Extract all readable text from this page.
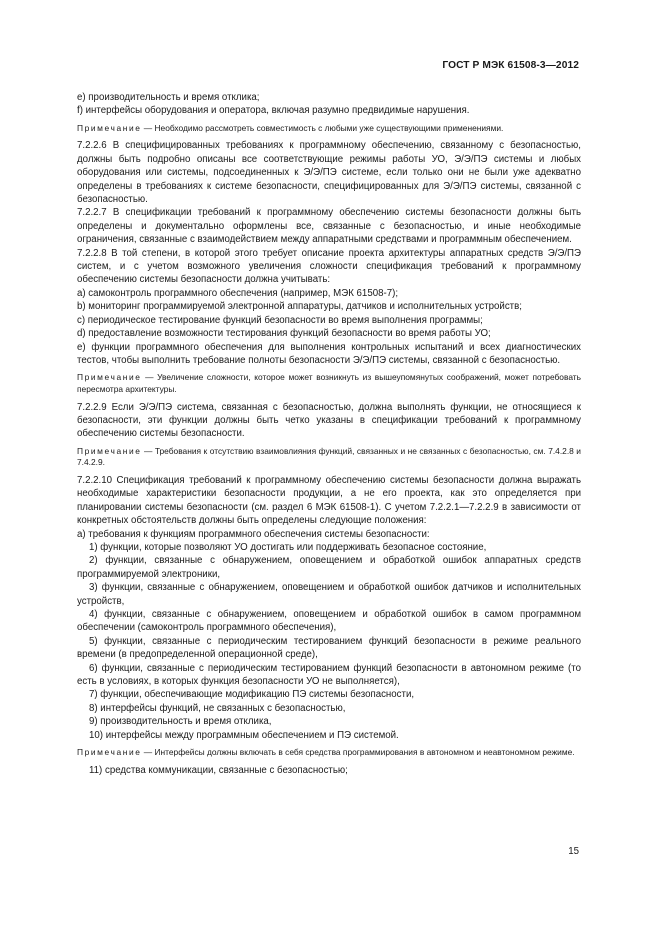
ГОСТ Р МЭК 61508-3—2012

e) производительность и время отклика;

f) интерфейсы оборудования и оператора, включая разумно предвидимые нарушения.

Примечание — Необходимо рассмотреть совместимость с любыми уже существующими применениями.

7.2.2.6 В специфицированных требованиях к программному обеспечению, связанному с безопасностью, должны быть подробно описаны все соответствующие режимы работы УО, Э/Э/ПЭ системы и любых оборудования или системы, подсоединенных к Э/Э/ПЭ системе, если только они не были уже адекватно определены в требованиях к системе безопасности, специфицированных для Э/Э/ПЭ системы, связанной с безопасностью.

7.2.2.7 В спецификации требований к программному обеспечению системы безопасности должны быть определены и документально оформлены все, связанные с безопасностью, и иные необходимые ограничения, связанные с взаимодействием между аппаратными средствами и программным обеспечением.

7.2.2.8 В той степени, в которой этого требует описание проекта архитектуры аппаратных средств Э/Э/ПЭ систем, и с учетом возможного увеличения сложности спецификация требований к программному обеспечению системы безопасности должна учитывать:

a) самоконтроль программного обеспечения (например, МЭК 61508-7);

b) мониторинг программируемой электронной аппаратуры, датчиков и исполнительных устройств;

c) периодическое тестирование функций безопасности во время выполнения программы;

d) предоставление возможности тестирования функций безопасности во время работы УО;

e) функции программного обеспечения для выполнения контрольных испытаний и всех диагностических тестов, чтобы выполнить требование полноты безопасности Э/Э/ПЭ системы, связанной с безопасностью.

Примечание — Увеличение сложности, которое может возникнуть из вышеупомянутых соображений, может потребовать пересмотра архитектуры.

7.2.2.9 Если Э/Э/ПЭ система, связанная с безопасностью, должна выполнять функции, не относящиеся к безопасности, эти функции должны быть четко указаны в спецификации требований к программному обеспечению системы безопасности.

Примечание — Требования к отсутствию взаимовлияния функций, связанных и не связанных с безопасностью, см. 7.4.2.8 и 7.4.2.9.

7.2.2.10 Спецификация требований к программному обеспечению системы безопасности должна выражать необходимые характеристики безопасности продукции, а не его проекта, как это определяется при планировании системы безопасности (см. раздел 6 МЭК 61508-1). С учетом 7.2.2.1—7.2.2.9 в зависимости от конкретных обстоятельств должны быть определены следующие положения:

a) требования к функциям программного обеспечения системы безопасности:

1) функции, которые позволяют УО достигать или поддерживать безопасное состояние,

2) функции, связанные с обнаружением, оповещением и обработкой ошибок аппаратных средств программируемой электроники,

3) функции, связанные с обнаружением, оповещением и обработкой ошибок датчиков и исполнительных устройств,

4) функции, связанные с обнаружением, оповещением и обработкой ошибок в самом программном обеспечении (самоконтроль программного обеспечения),

5) функции, связанные с периодическим тестированием функций безопасности в режиме реального времени (в предопределенной операционной среде),

6) функции, связанные с периодическим тестированием функций безопасности в автономном режиме (то есть в условиях, в которых функция безопасности УО не выполняется),

7) функции, обеспечивающие модификацию ПЭ системы безопасности,

8) интерфейсы функций, не связанных с безопасностью,

9) производительность и время отклика,

10) интерфейсы между программным обеспечением и ПЭ системой.

Примечание — Интерфейсы должны включать в себя средства программирования в автономном и неавтономном режиме.

11) средства коммуникации, связанные с безопасностью;

15
